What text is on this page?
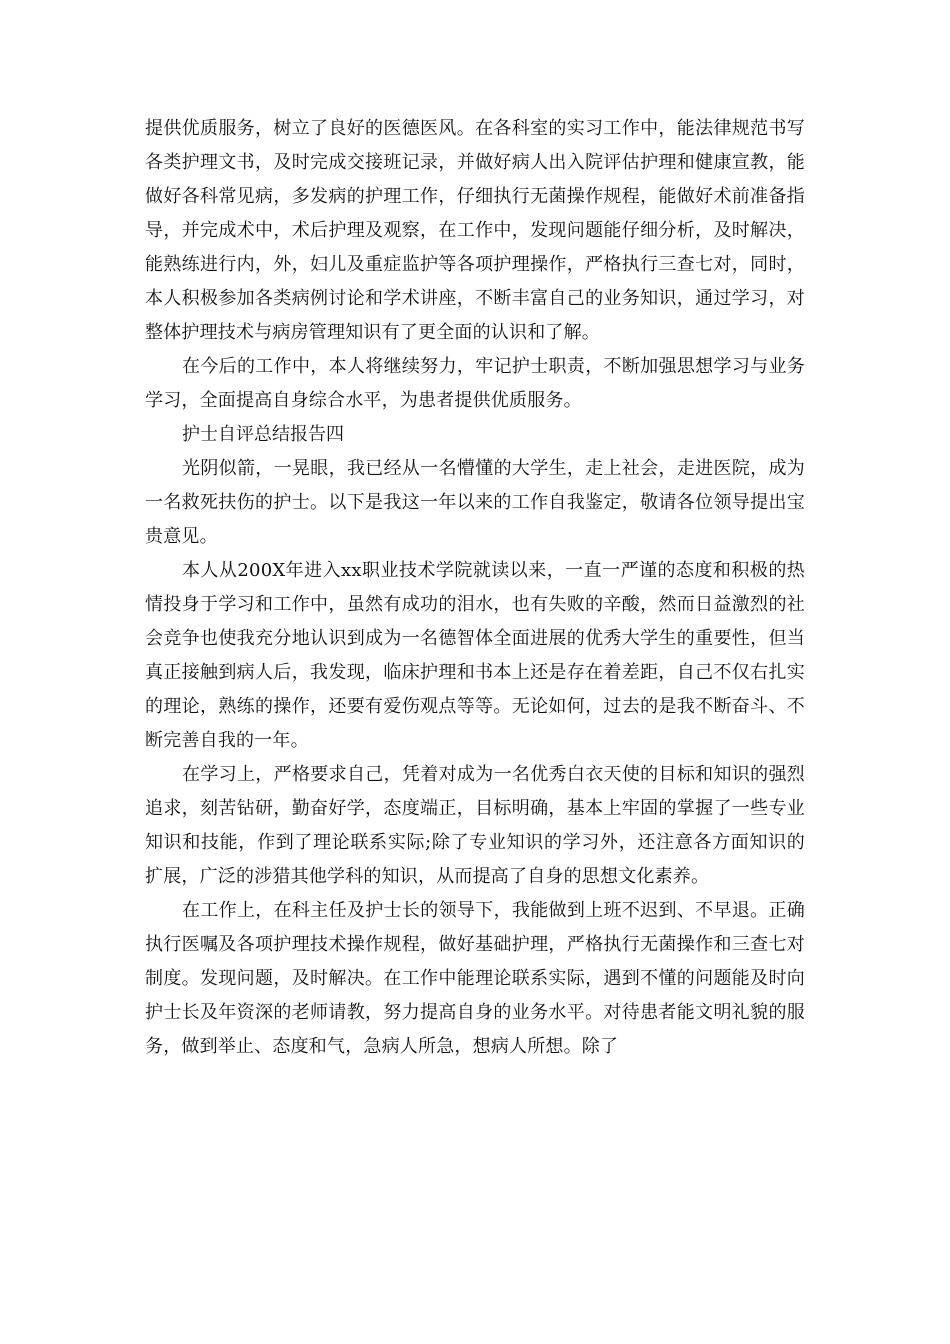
提供优质服务，树立了良好的医德医风。在各科室的实习工作中，能法律规范书写各类护理文书，及时完成交接班记录，并做好病人出入院评估护理和健康宣教，能做好各科常见病，多发病的护理工作，仔细执行无菌操作规程，能做好术前准备指导，并完成术中，术后护理及观察，在工作中，发现问题能仔细分析，及时解决，能熟练进行内，外，妇儿及重症监护等各项护理操作，严格执行三查七对，同时，本人积极参加各类病例讨论和学术讲座，不断丰富自己的业务知识，通过学习，对整体护理技术与病房管理知识有了更全面的认识和了解。

在今后的工作中，本人将继续努力，牢记护士职责，不断加强思想学习与业务学习，全面提高自身综合水平，为患者提供优质服务。

护士自评总结报告四

光阴似箭，一晃眼，我已经从一名懵懂的大学生，走上社会，走进医院，成为一名救死扶伤的护士。以下是我这一年以来的工作自我鉴定，敬请各位领导提出宝贵意见。

本人从200X年进入xx职业技术学院就读以来，一直一严谨的态度和积极的热情投身于学习和工作中，虽然有成功的泪水，也有失败的辛酸，然而日益激烈的社会竞争也使我充分地认识到成为一名德智体全面进展的优秀大学生的重要性，但当真正接触到病人后，我发现，临床护理和书本上还是存在着差距，自己不仅右扎实的理论，熟练的操作，还要有爱伤观点等等。无论如何，过去的是我不断奋斗、不断完善自我的一年。

在学习上，严格要求自己，凭着对成为一名优秀白衣天使的目标和知识的强烈追求，刻苦钻研，勤奋好学，态度端正，目标明确，基本上牢固的掌握了一些专业知识和技能，作到了理论联系实际;除了专业知识的学习外，还注意各方面知识的扩展，广泛的涉猎其他学科的知识，从而提高了自身的思想文化素养。

在工作上，在科主任及护士长的领导下，我能做到上班不迟到、不早退。正确执行医嘱及各项护理技术操作规程，做好基础护理，严格执行无菌操作和三查七对制度。发现问题，及时解决。在工作中能理论联系实际，遇到不懂的问题能及时向护士长及年资深的老师请教，努力提高自身的业务水平。对待患者能文明礼貌的服务，做到举止、态度和气，急病人所急，想病人所想。除了
